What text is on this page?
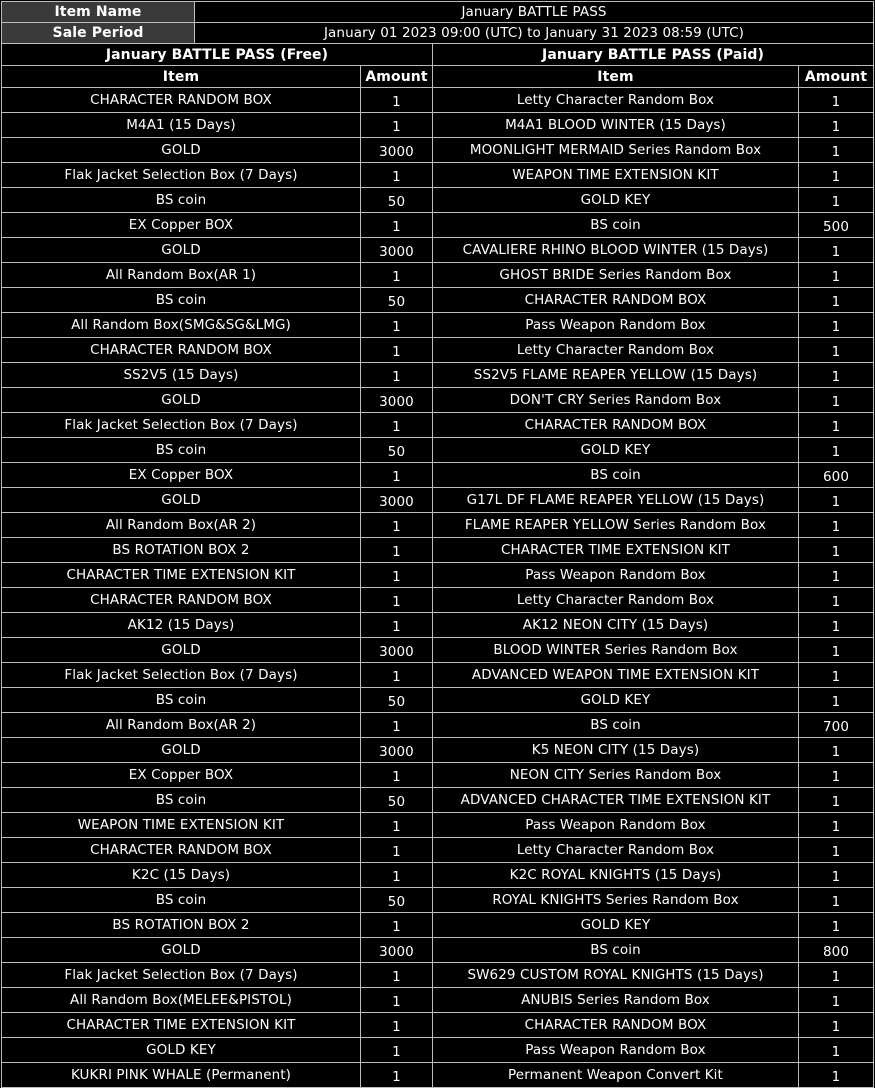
Item Name	January BATTLE PASS			
Sale Period	January 01 2023 09:00 (UTC) to January 31 2023 08:59 (UTC)			
January BATTLE PASS (Free)			January BATTLE PASS (Paid)	
Item		Amount	Item	Amount
CHARACTER RANDOM BOX		1	Letty Character Random Box	1
M4A1 (15 Days)		1	M4A1 BLOOD WINTER (15 Days)	1
GOLD		3000	MOONLIGHT MERMAID Series Random Box	1
Flak Jacket Selection Box (7 Days)		1	WEAPON TIME EXTENSION KIT	1
BS coin		50	GOLD KEY	1
EX Copper BOX		1	BS coin	500
GOLD		3000	CAVALIERE RHINO BLOOD WINTER (15 Days)	1
All Random Box(AR 1)		1	GHOST BRIDE Series Random Box	1
BS coin		50	CHARACTER RANDOM BOX	1
All Random Box(SMG&SG&LMG)		1	Pass Weapon Random Box	1
CHARACTER RANDOM BOX		1	Letty Character Random Box	1
SS2V5 (15 Days)		1	SS2V5 FLAME REAPER YELLOW (15 Days)	1
GOLD		3000	DON'T CRY Series Random Box	1
Flak Jacket Selection Box (7 Days)		1	CHARACTER RANDOM BOX	1
BS coin		50	GOLD KEY	1
EX Copper BOX		1	BS coin	600
GOLD		3000	G17L DF FLAME REAPER YELLOW (15 Days)	1
All Random Box(AR 2)		1	FLAME REAPER YELLOW Series Random Box	1
BS ROTATION BOX 2		1	CHARACTER TIME EXTENSION KIT	1
CHARACTER TIME EXTENSION KIT		1	Pass Weapon Random Box	1
CHARACTER RANDOM BOX		1	Letty Character Random Box	1
AK12 (15 Days)		1	AK12 NEON CITY (15 Days)	1
GOLD		3000	BLOOD WINTER Series Random Box	1
Flak Jacket Selection Box (7 Days)		1	ADVANCED WEAPON TIME EXTENSION KIT	1
BS coin		50	GOLD KEY	1
All Random Box(AR 2)		1	BS coin	700
GOLD		3000	K5 NEON CITY (15 Days)	1
EX Copper BOX		1	NEON CITY Series Random Box	1
BS coin		50	ADVANCED CHARACTER TIME EXTENSION KIT	1
WEAPON TIME EXTENSION KIT		1	Pass Weapon Random Box	1
CHARACTER RANDOM BOX		1	Letty Character Random Box	1
K2C (15 Days)		1	K2C ROYAL KNIGHTS (15 Days)	1
BS coin		50	ROYAL KNIGHTS Series Random Box	1
BS ROTATION BOX 2		1	GOLD KEY	1
GOLD		3000	BS coin	800
Flak Jacket Selection Box (7 Days)		1	SW629 CUSTOM ROYAL KNIGHTS (15 Days)	1
All Random Box(MELEE&PISTOL)		1	ANUBIS Series Random Box	1
CHARACTER TIME EXTENSION KIT		1	CHARACTER RANDOM BOX	1
GOLD KEY		1	Pass Weapon Random Box	1
KUKRI PINK WHALE (Permanent)		1	Permanent Weapon Convert Kit	1
